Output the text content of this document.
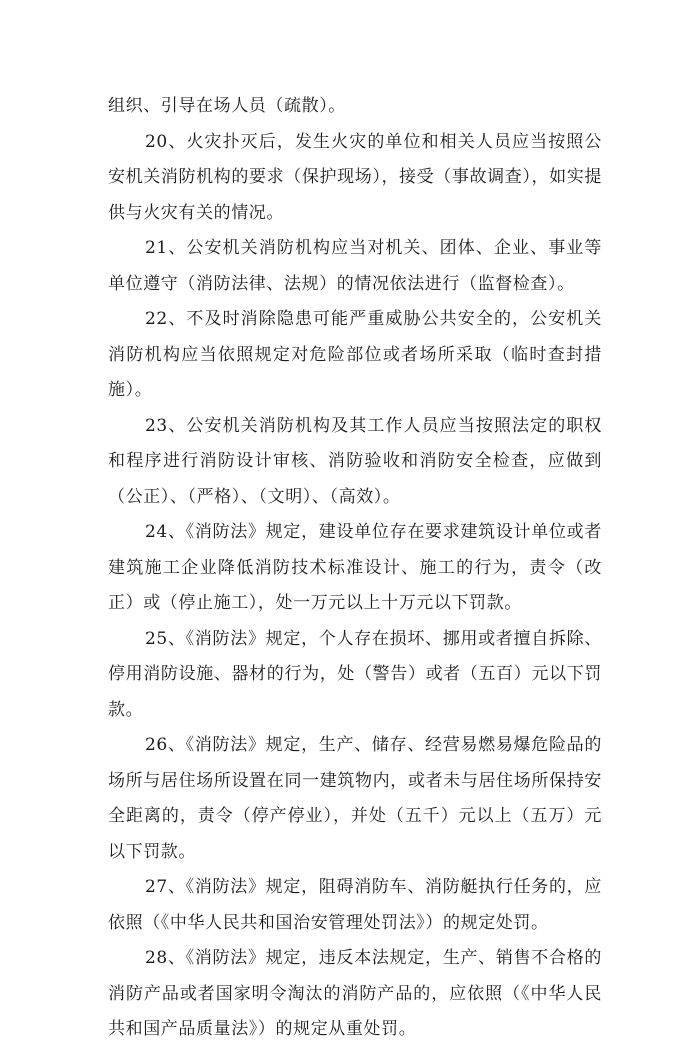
组织、引导在场人员（疏散）。

20、火灾扑灭后，发生火灾的单位和相关人员应当按照公安机关消防机构的要求（保护现场），接受（事故调查），如实提供与火灾有关的情况。

21、公安机关消防机构应当对机关、团体、企业、事业等单位遵守（消防法律、法规）的情况依法进行（监督检查）。

22、不及时消除隐患可能严重威胁公共安全的，公安机关消防机构应当依照规定对危险部位或者场所采取（临时查封措施）。

23、公安机关消防机构及其工作人员应当按照法定的职权和程序进行消防设计审核、消防验收和消防安全检查，应做到（公正）、（严格）、（文明）、（高效）。

24、《消防法》规定，建设单位存在要求建筑设计单位或者建筑施工企业降低消防技术标准设计、施工的行为，责令（改正）或（停止施工），处一万元以上十万元以下罚款。

25、《消防法》规定，个人存在损坏、挪用或者擅自拆除、停用消防设施、器材的行为，处（警告）或者（五百）元以下罚款。

26、《消防法》规定，生产、储存、经营易燃易爆危险品的场所与居住场所设置在同一建筑物内，或者未与居住场所保持安全距离的，责令（停产停业），并处（五千）元以上（五万）元以下罚款。

27、《消防法》规定，阻碍消防车、消防艇执行任务的，应依照（《中华人民共和国治安管理处罚法》）的规定处罚。

28、《消防法》规定，违反本法规定，生产、销售不合格的消防产品或者国家明令淘汰的消防产品的，应依照（《中华人民共和国产品质量法》）的规定从重处罚。
